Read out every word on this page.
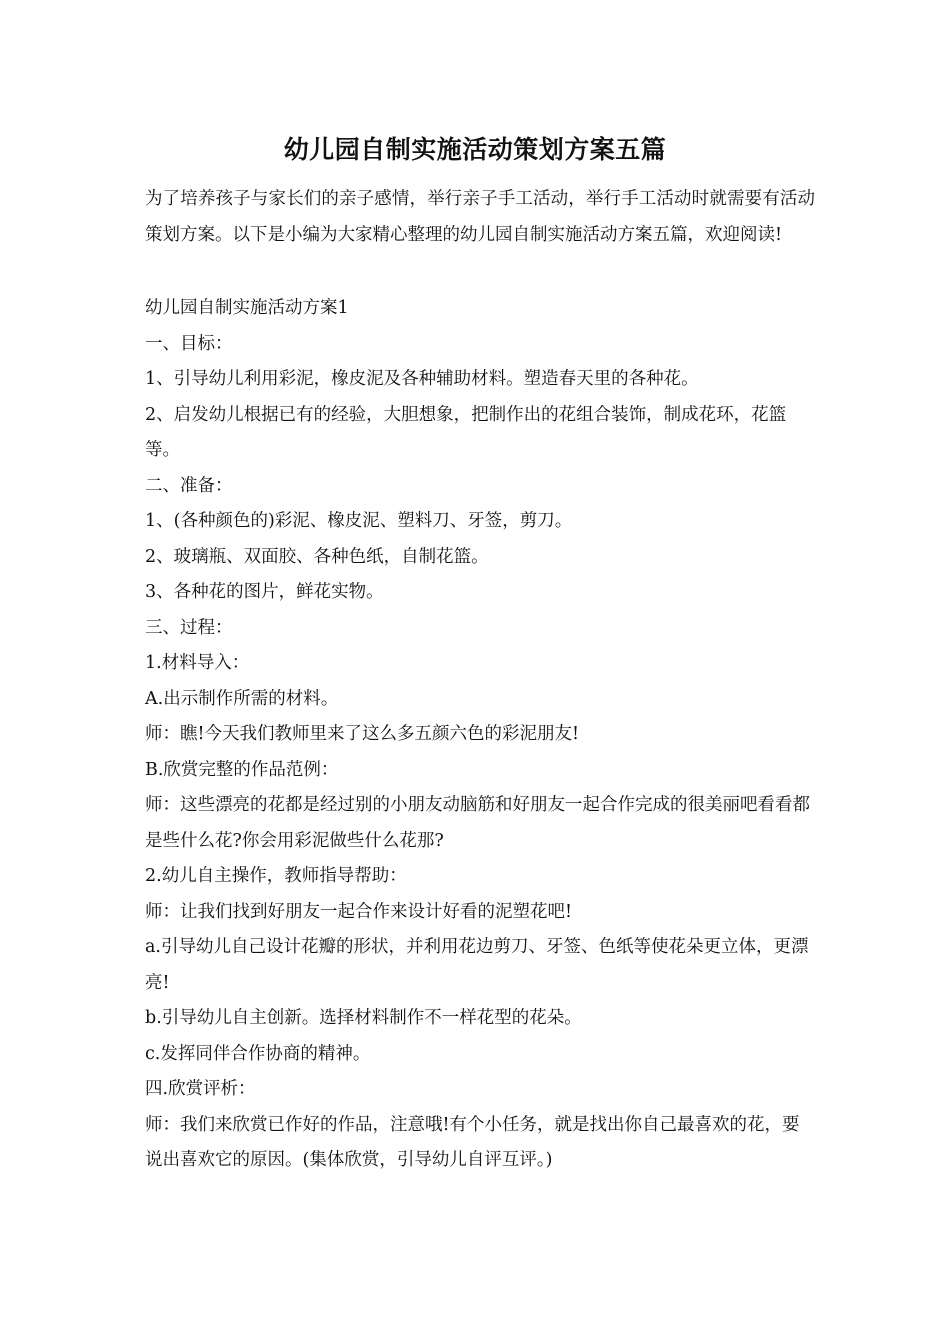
幼儿园自制实施活动策划方案五篇

为了培养孩子与家长们的亲子感情，举行亲子手工活动，举行手工活动时就需要有活动策划方案。以下是小编为大家精心整理的幼儿园自制实施活动方案五篇，欢迎阅读!

幼儿园自制实施活动方案1

一、目标：

1、引导幼儿利用彩泥，橡皮泥及各种辅助材料。塑造春天里的各种花。

2、启发幼儿根据已有的经验，大胆想象，把制作出的花组合装饰，制成花环，花篮等。

二、准备：

1、(各种颜色的)彩泥、橡皮泥、塑料刀、牙签，剪刀。

2、玻璃瓶、双面胶、各种色纸，自制花篮。

3、各种花的图片，鲜花实物。

三、过程：

1.材料导入：

A.出示制作所需的材料。

师：瞧!今天我们教师里来了这么多五颜六色的彩泥朋友!

B.欣赏完整的作品范例：

师：这些漂亮的花都是经过别的小朋友动脑筋和好朋友一起合作完成的很美丽吧看看都是些什么花?你会用彩泥做些什么花那?

2.幼儿自主操作，教师指导帮助：

师：让我们找到好朋友一起合作来设计好看的泥塑花吧!

a.引导幼儿自己设计花瓣的形状，并利用花边剪刀、牙签、色纸等使花朵更立体，更漂亮!

b.引导幼儿自主创新。选择材料制作不一样花型的花朵。

c.发挥同伴合作协商的精神。

四.欣赏评析：

师：我们来欣赏已作好的作品，注意哦!有个小任务，就是找出你自己最喜欢的花，要说出喜欢它的原因。(集体欣赏，引导幼儿自评互评。)
